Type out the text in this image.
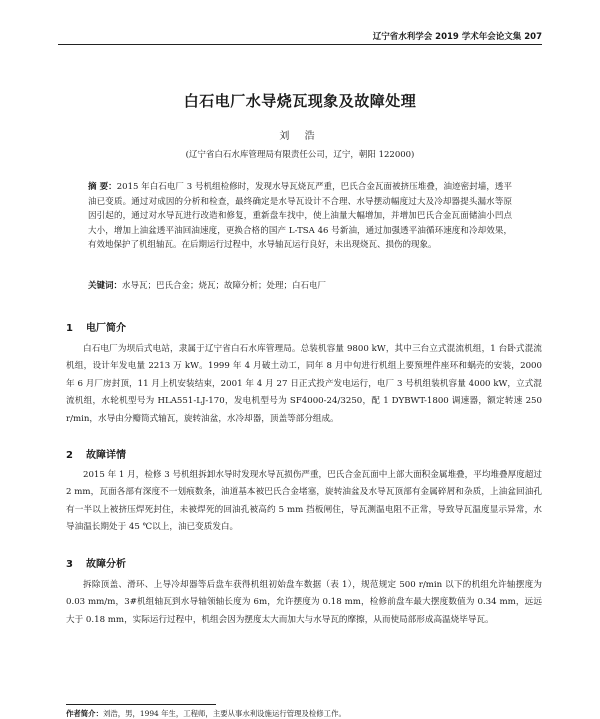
辽宁省水利学会 2019 学术年会论文集 207
白石电厂水导烧瓦现象及故障处理
刘 浩
(辽宁省白石水库管理局有限责任公司，辽宁，朝阳 122000)
摘 要：2015 年白石电厂 3 号机组检修时，发现水导瓦烧瓦严重，巴氏合金瓦面被挤压堆叠，油迹密封墙，透平油已变质。通过对成因的分析和检查，最终确定是水导瓦设计不合理、水导摆动幅度过大及冷却器提头漏水等原因引起的，通过对水导瓦进行改造和修复，重新盘车找中，使上油量大幅增加，并增加巴氏合金瓦面储油小凹点大小，增加上油盆透平油回油速度，更换合格的国产 L-TSA 46 号新油，通过加强透平油循环速度和冷却效果，有效地保护了机组轴瓦。在后期运行过程中，水导轴瓦运行良好，未出现烧瓦、损伤的现象。
关键词：水导瓦；巴氏合金；烧瓦；故障分析；处理；白石电厂
1 电厂简介
白石电厂为坝后式电站，隶属于辽宁省白石水库管理局。总装机容量 9800 kW，其中三台立式混流机组，1 台卧式混流机组，设计年发电量 2213 万 kW。1999 年 4 月破土动工，同年 8 月中旬进行机组上要预埋件座环和蜗壳的安装，2000 年 6 月厂房封顶，11 月上机安装结束，2001 年 4 月 27 日正式投产发电运行，电厂 3 号机组装机容量 4000 kW，立式混流机组，水轮机型号为 HLA551-LJ-170，发电机型号为 SF4000-24/3250，配 1 DYBWT-1800 调速器，额定转速 250 r/min，水导由分瓣筒式轴瓦，旋转油盆，水冷却器，顶盖等部分组成。
2 故障详情
2015 年 1 月，检修 3 号机组拆卸水导时发现水导瓦损伤严重，巴氏合金瓦面中上部大面积金属堆叠，平均堆叠厚度超过 2 mm，瓦面各部有深度不一划痕数条，油道基本被巴氏合金堵塞，旋转油盆及水导瓦顶部有金属碎屑和杂质，上油盆回油孔有一半以上被挤压焊死封住，未被焊死的回油孔被高约 5 mm 挡板闸住，导瓦测温电阻不正常，导致导瓦温度显示异常，水导油温长期处于 45 ℃以上，油已变质发白。
3 故障分析
拆除顶盖、滑环、上导冷却器等后盘车获得机组初始盘车数据（表 1），规范规定 500 r/min 以下的机组允许轴摆度为 0.03 mm/m，3#机组轴瓦到水导轴领轴长度为 6m，允许摆度为 0.18 mm，检修前盘车最大摆度数值为 0.34 mm，远远大于 0.18 mm，实际运行过程中，机组会因为摆度太大而加大与水导瓦的摩擦，从而使局部形成高温烧毕导瓦。
作者简介：刘浩，男，1994 年生，工程师，主要从事水利设施运行管理及检修工作。
